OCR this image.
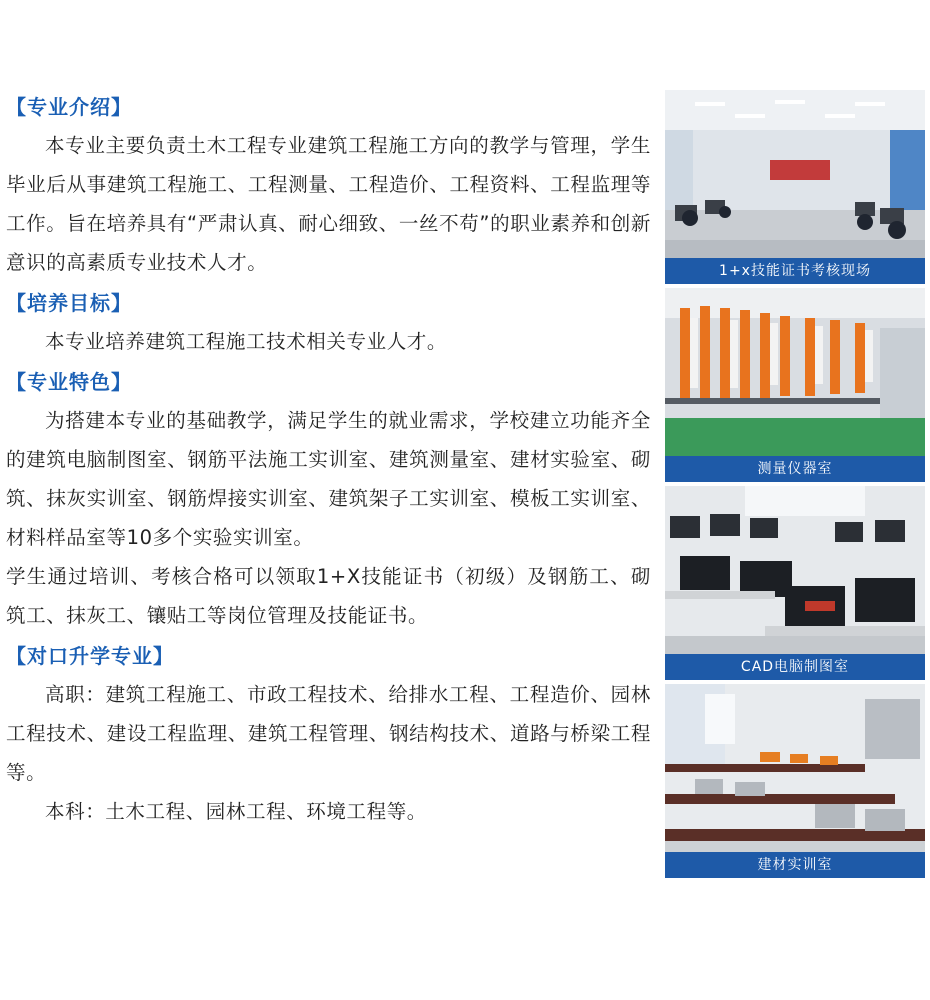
【专业介绍】

本专业主要负责土木工程专业建筑工程施工方向的教学与管理，学生毕业后从事建筑工程施工、工程测量、工程造价、工程资料、工程监理等工作。旨在培养具有“严肃认真、耐心细致、一丝不苟”的职业素养和创新意识的高素质专业技术人才。

【培养目标】

本专业培养建筑工程施工技术相关专业人才。

【专业特色】

为搭建本专业的基础教学，满足学生的就业需求，学校建立功能齐全的建筑电脑制图室、钢筋平法施工实训室、建筑测量室、建材实验室、砌筑、抹灰实训室、钢筋焊接实训室、建筑架子工实训室、模板工实训室、材料样品室等10多个实验实训室。

学生通过培训、考核合格可以领取1+X技能证书（初级）及钢筋工、砌筑工、抹灰工、镶贴工等岗位管理及技能证书。

【对口升学专业】

高职：建筑工程施工、市政工程技术、给排水工程、工程造价、园林工程技术、建设工程监理、建筑工程管理、钢结构技术、道路与桥梁工程等。

本科：土木工程、园林工程、环境工程等。

1+x技能证书考核现场
测量仪器室
CAD电脑制图室
建材实训室
